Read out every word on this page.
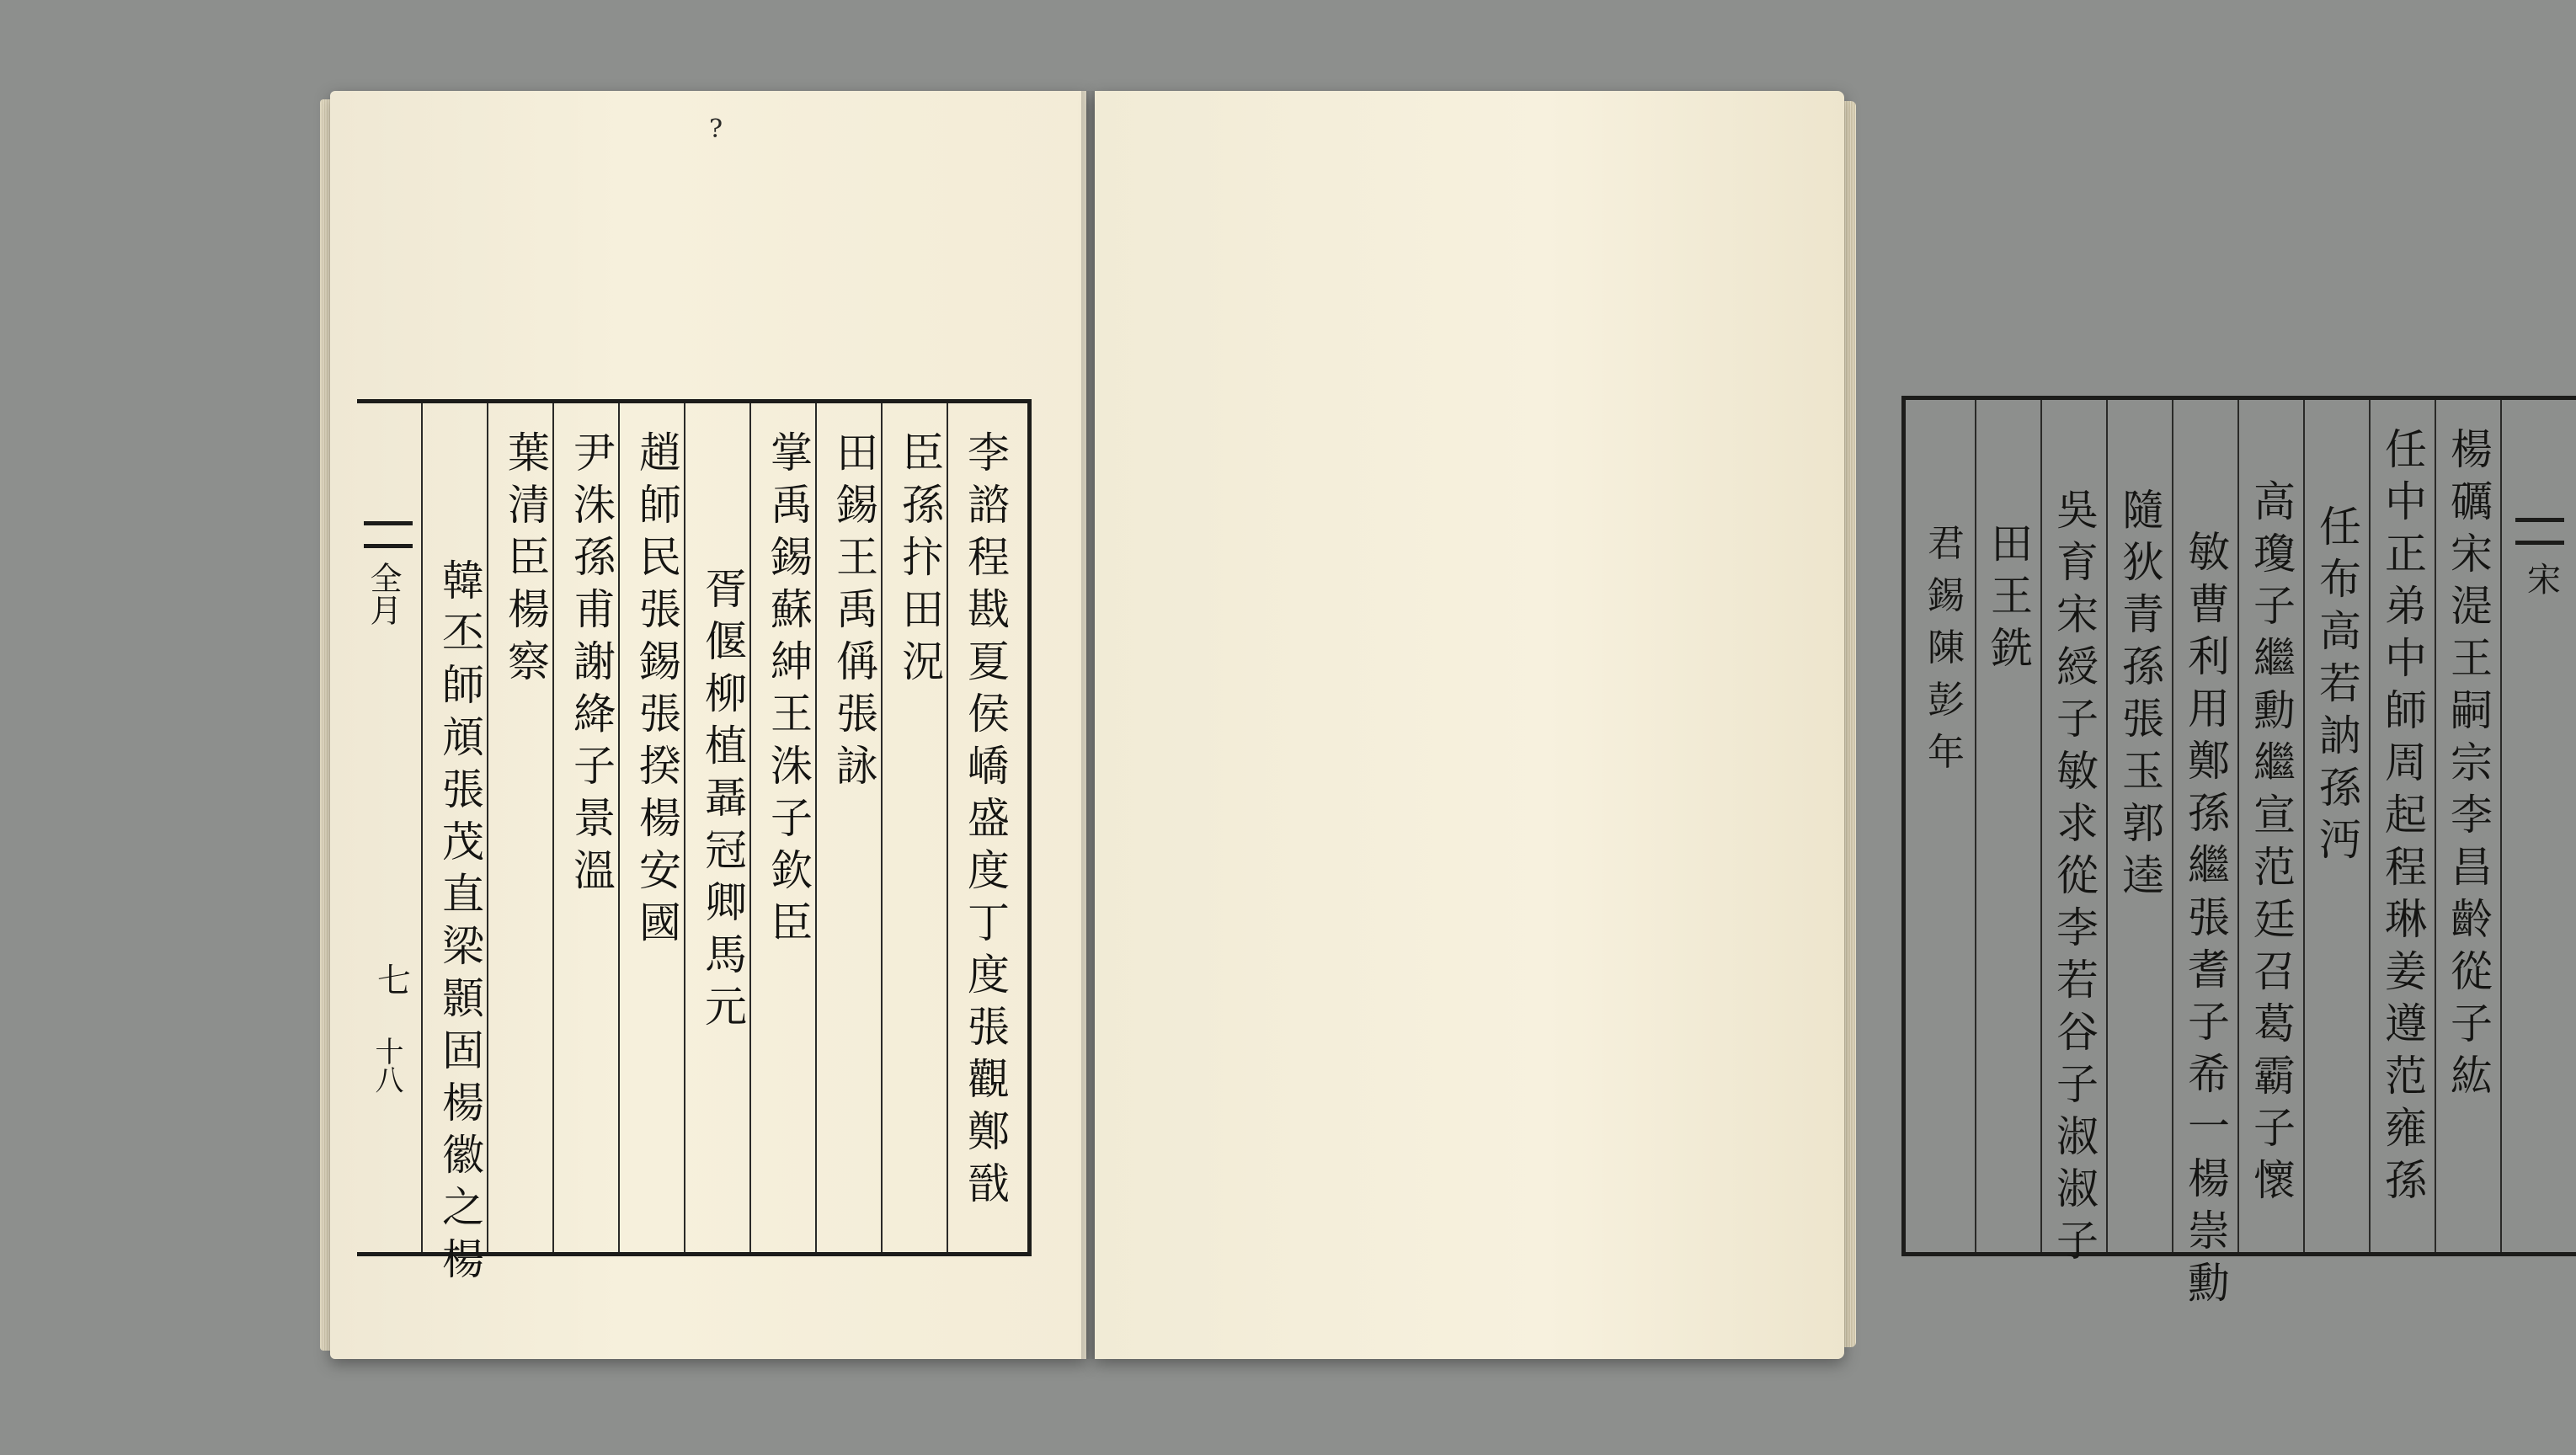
?
全月
十八
李
諮
程
戡
夏
侯
嶠
盛
度
丁
度
張
觀
鄭
戩
臣
孫
抃
田
況
田
錫
王
禹
偁
張
詠
掌
禹
錫
蘇
紳
王
洙
子
欽
臣
胥
偃
柳
植
聶
冠
卿
馬
元
趙
師
民
張
錫
張
揆
楊
安
國
尹
洙
孫
甫
謝
絳
子
景
溫
葉
清
臣
楊
察
韓
丕
師
頏
張
茂
直
梁
顥
固
楊
徽
之
楊
七
宋
楊
礪
宋
湜
王
嗣
宗
李
昌
齡
從
子
紘
任
中
正
弟
中
師
周
起
程
琳
姜
遵
范
雍
孫
任
布
高
若
訥
孫
沔
高
瓊
子
繼
勳
繼
宣
范
廷
召
葛
霸
子
懷
敏
曹
利
用
鄭
孫
繼
張
耆
子
希
一
楊
崇
勳
隨
狄
青
孫
張
玉
郭
逵
吳
育
宋
綬
子
敏
求
從
李
若
谷
子
淑
淑
子
田
王
銑
君
錫
陳
彭
年
